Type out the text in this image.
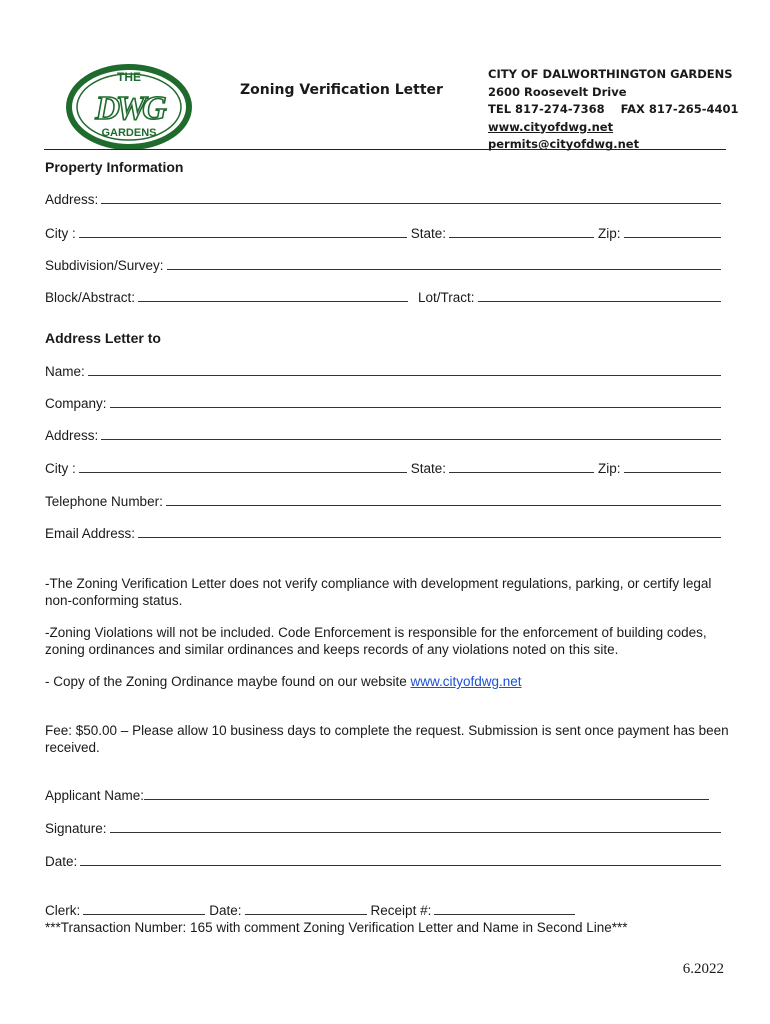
THE
DWG
GARDENS
Zoning Verification Letter
CITY OF DALWORTHINGTON GARDENS
2600 Roosevelt Drive
TEL 817-274-7368    FAX 817-265-4401
www.cityofdwg.net
permits@cityofdwg.net
Property Information
Address:
City :	State:	Zip:
Subdivision/Survey:
Block/Abstract:	Lot/Tract:
Address Letter to
Name:
Company:
Address:
City :	State:	Zip:
Telephone Number:
Email Address:
-The Zoning Verification Letter does not verify compliance with development regulations, parking, or certify legal non-conforming status.
-Zoning Violations will not be included. Code Enforcement is responsible for the enforcement of building codes, zoning ordinances and similar ordinances and keeps records of any violations noted on this site.
- Copy of the Zoning Ordinance maybe found on our website www.cityofdwg.net
Fee: $50.00 – Please allow 10 business days to complete the request. Submission is sent once payment has been received.
Applicant Name:
Signature:
Date:
Clerk:	Date:	Receipt #:
***Transaction Number: 165 with comment Zoning Verification Letter and Name in Second Line***
6.2022
